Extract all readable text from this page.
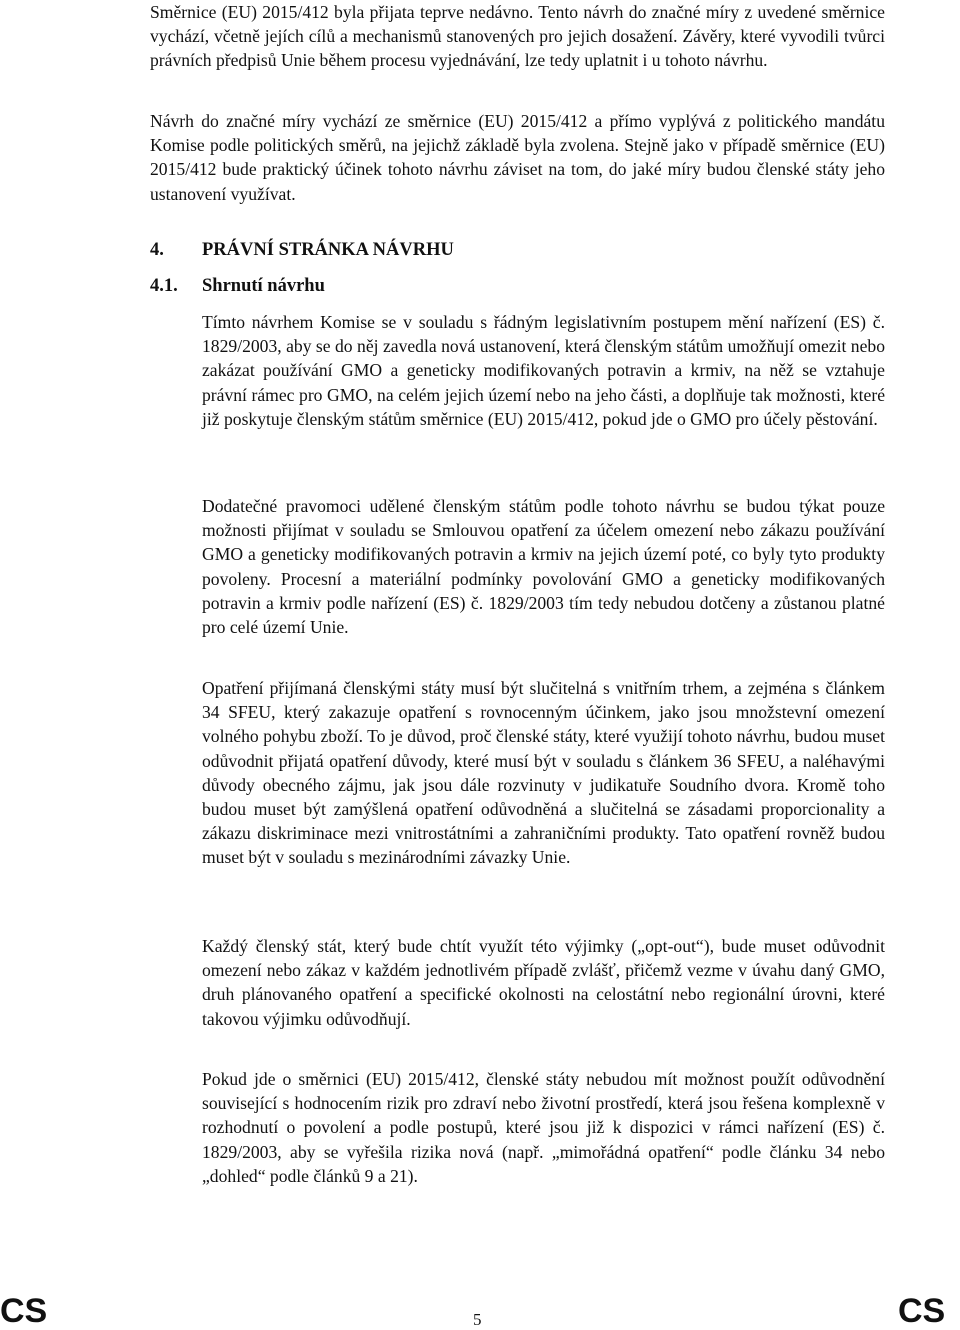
Směrnice (EU) 2015/412 byla přijata teprve nedávno. Tento návrh do značné míry z uvedené směrnice vychází, včetně jejích cílů a mechanismů stanovených pro jejich dosažení. Závěry, které vyvodili tvůrci právních předpisů Unie během procesu vyjednávání, lze tedy uplatnit i u tohoto návrhu.

Návrh do značné míry vychází ze směrnice (EU) 2015/412 a přímo vyplývá z politického mandátu Komise podle politických směrů, na jejichž základě byla zvolena. Stejně jako v případě směrnice (EU) 2015/412 bude praktický účinek tohoto návrhu záviset na tom, do jaké míry budou členské státy jeho ustanovení využívat.

4. PRÁVNÍ STRÁNKA NÁVRHU
4.1. Shrnutí návrhu

Tímto návrhem Komise se v souladu s řádným legislativním postupem mění nařízení (ES) č. 1829/2003, aby se do něj zavedla nová ustanovení, která členským státům umožňují omezit nebo zakázat používání GMO a geneticky modifikovaných potravin a krmiv, na něž se vztahuje právní rámec pro GMO, na celém jejich území nebo na jeho části, a doplňuje tak možnosti, které již poskytuje členským státům směrnice (EU) 2015/412, pokud jde o GMO pro účely pěstování.

Dodatečné pravomoci udělené členským státům podle tohoto návrhu se budou týkat pouze možnosti přijímat v souladu se Smlouvou opatření za účelem omezení nebo zákazu používání GMO a geneticky modifikovaných potravin a krmiv na jejich území poté, co byly tyto produkty povoleny. Procesní a materiální podmínky povolování GMO a geneticky modifikovaných potravin a krmiv podle nařízení (ES) č. 1829/2003 tím tedy nebudou dotčeny a zůstanou platné pro celé území Unie.

Opatření přijímaná členskými státy musí být slučitelná s vnitřním trhem, a zejména s článkem 34 SFEU, který zakazuje opatření s rovnocenným účinkem, jako jsou množstevní omezení volného pohybu zboží. To je důvod, proč členské státy, které využijí tohoto návrhu, budou muset odůvodnit přijatá opatření důvody, které musí být v souladu s článkem 36 SFEU, a naléhavými důvody obecného zájmu, jak jsou dále rozvinuty v judikatuře Soudního dvora. Kromě toho budou muset být zamýšlená opatření odůvodněná a slučitelná se zásadami proporcionality a zákazu diskriminace mezi vnitrostátními a zahraničními produkty. Tato opatření rovněž budou muset být v souladu s mezinárodními závazky Unie.

Každý členský stát, který bude chtít využít této výjimky („opt-out“), bude muset odůvodnit omezení nebo zákaz v každém jednotlivém případě zvlášť, přičemž vezme v úvahu daný GMO, druh plánovaného opatření a specifické okolnosti na celostátní nebo regionální úrovni, které takovou výjimku odůvodňují.

Pokud jde o směrnici (EU) 2015/412, členské státy nebudou mít možnost použít odůvodnění související s hodnocením rizik pro zdraví nebo životní prostředí, která jsou řešena komplexně v rozhodnutí o povolení a podle postupů, které jsou již k dispozici v rámci nařízení (ES) č. 1829/2003, aby se vyřešila rizika nová (např. „mimořádná opatření“ podle článku 34 nebo „dohled“ podle článků 9 a 21).

CS	5	CS
